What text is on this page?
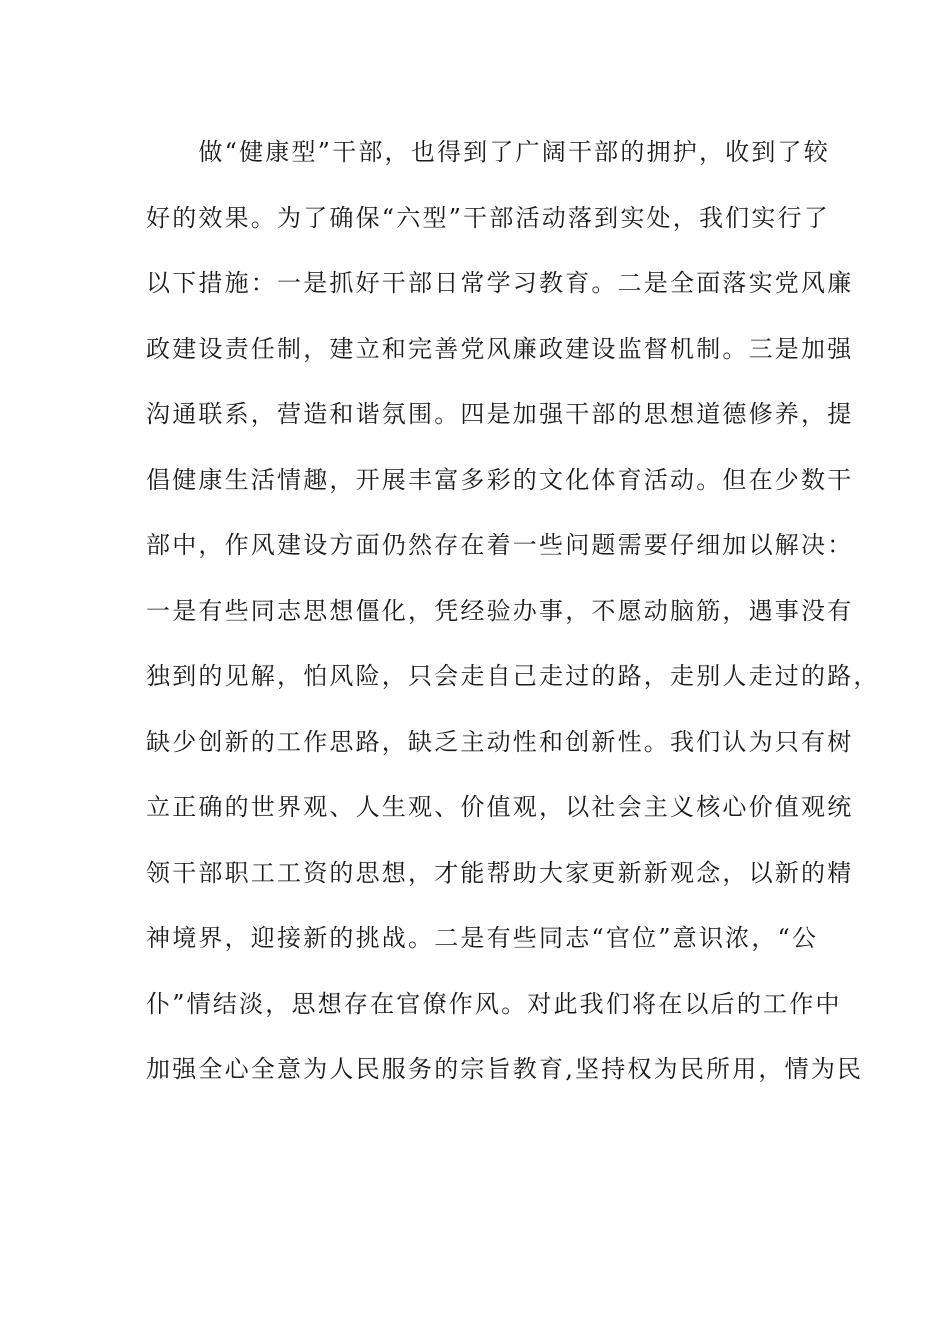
　　做“健康型”干部，也得到了广阔干部的拥护，收到了较
好的效果。为了确保“六型”干部活动落到实处，我们实行了
以下措施：一是抓好干部日常学习教育。二是全面落实党风廉
政建设责任制，建立和完善党风廉政建设监督机制。三是加强
沟通联系，营造和谐氛围。四是加强干部的思想道德修养，提
倡健康生活情趣，开展丰富多彩的文化体育活动。但在少数干
部中，作风建设方面仍然存在着一些问题需要仔细加以解决：
一是有些同志思想僵化，凭经验办事，不愿动脑筋，遇事没有
独到的见解，怕风险，只会走自己走过的路，走别人走过的路，
缺少创新的工作思路，缺乏主动性和创新性。我们认为只有树
立正确的世界观、人生观、价值观，以社会主义核心价值观统
领干部职工工资的思想，才能帮助大家更新新观念，以新的精
神境界，迎接新的挑战。二是有些同志“官位”意识浓，“公
仆”情结淡，思想存在官僚作风。对此我们将在以后的工作中
加强全心全意为人民服务的宗旨教育,坚持权为民所用，情为民
